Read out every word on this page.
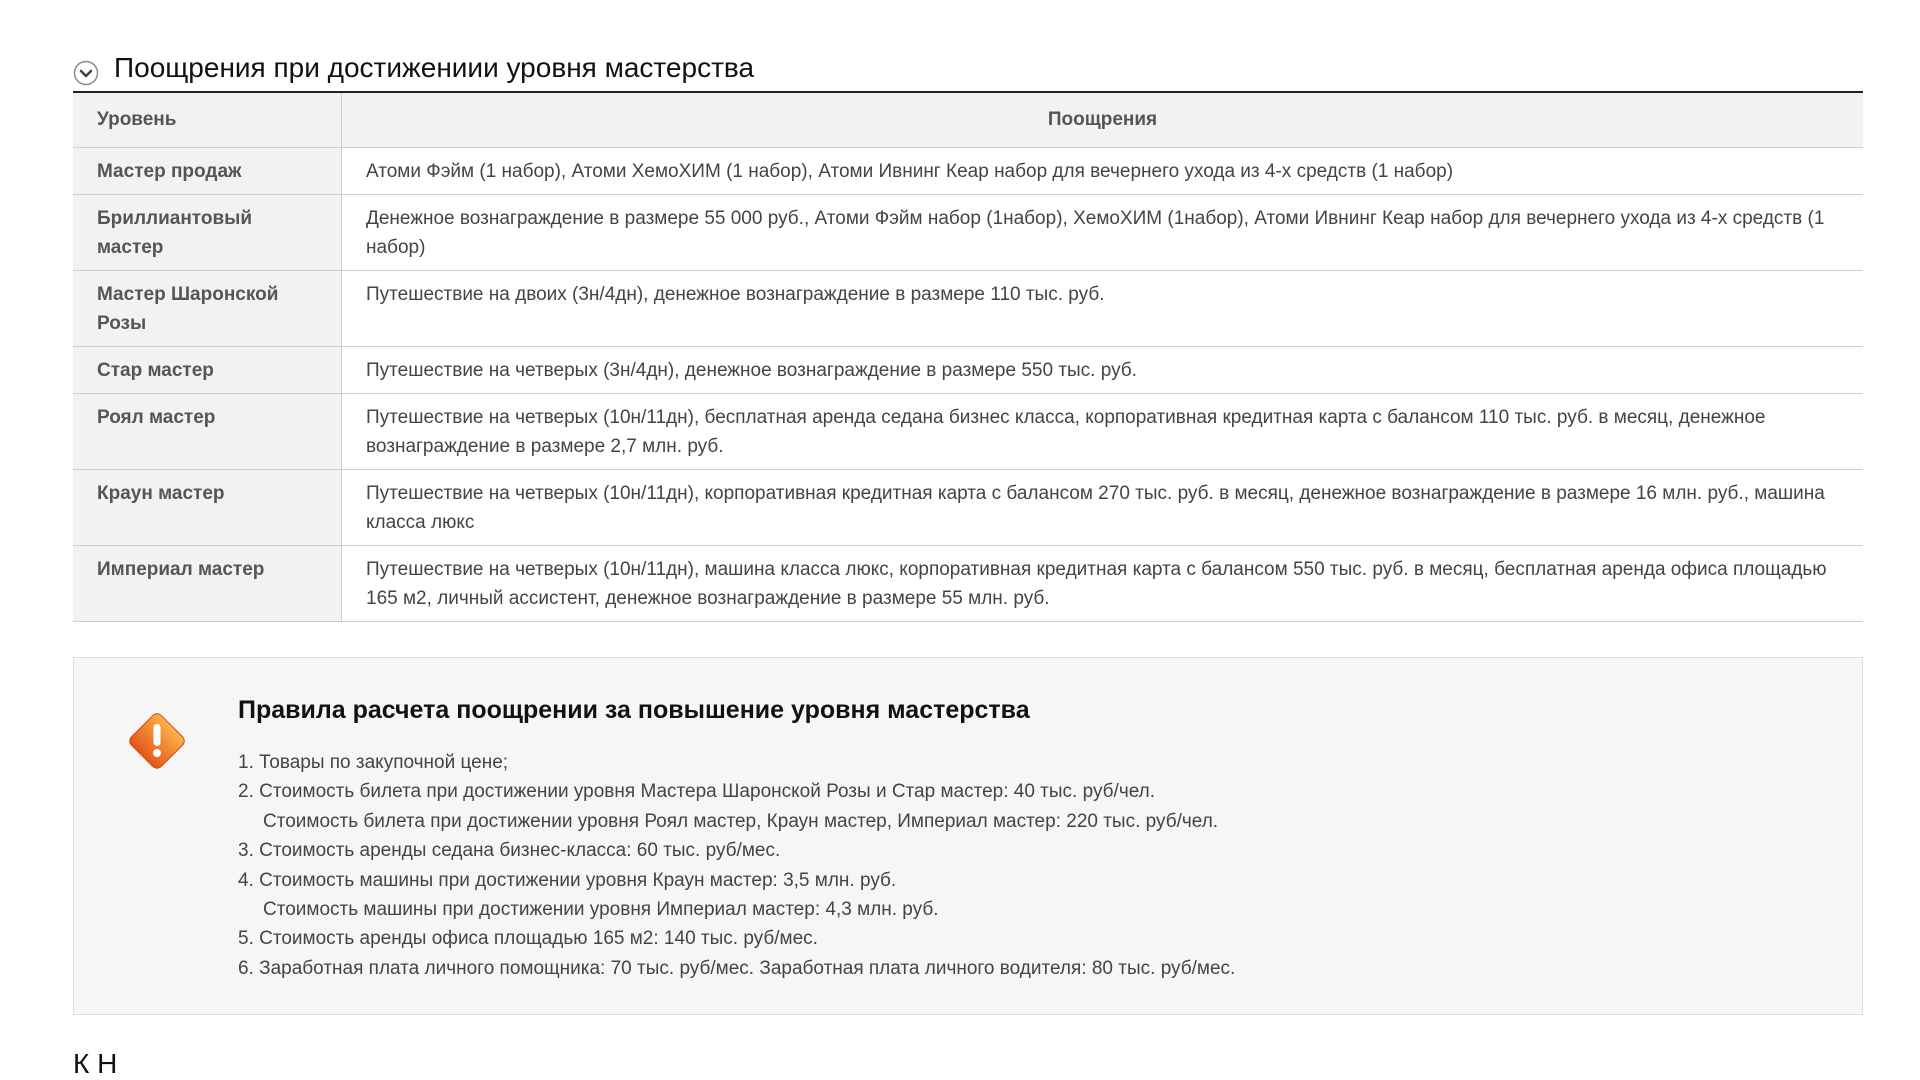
Поощрения при достижениии уровня мастерства
Уровень	Поощрения
Мастер продаж	Атоми Фэйм (1 набор), Атоми ХемоХИМ (1 набор), Атоми Ивнинг Кеар набор для вечернего ухода из 4-х средств (1 набор)
Бриллиантовый мастер	Денежное вознаграждение в размере 55 000 руб., Атоми Фэйм набор (1набор), ХемоХИМ (1набор), Атоми Ивнинг Кеар набор для вечернего ухода из 4-х средств (1 набор)
Мастер Шаронской Розы	Путешествие на двоих (3н/4дн), денежное вознаграждение в размере 110 тыс. руб.
Стар мастер	Путешествие на четверых (3н/4дн), денежное вознаграждение в размере 550 тыс. руб.
Роял мастер	Путешествие на четверых (10н/11дн), бесплатная аренда седана бизнес класса, корпоративная кредитная карта с балансом 110 тыс. руб. в месяц, денежное вознаграждение в размере 2,7 млн. руб.
Краун мастер	Путешествие на четверых (10н/11дн), корпоративная кредитная карта с балансом 270 тыс. руб. в месяц, денежное вознаграждение в размере 16 млн. руб., машина класса люкс
Империал мастер	Путешествие на четверых (10н/11дн), машина класса люкс, корпоративная кредитная карта с балансом 550 тыс. руб. в месяц, бесплатная аренда офиса площадью 165 м2, личный ассистент, денежное вознаграждение в размере 55 млн. руб.
Правила расчета поощрении за повышение уровня мастерства
1. Товары по закупочной цене;
2. Стоимость билета при достижении уровня Мастера Шаронской Розы и Стар мастер: 40 тыс. руб/чел.
Стоимость билета при достижении уровня Роял мастер, Краун мастер, Империал мастер: 220 тыс. руб/чел.
3. Стоимость аренды седана бизнес-класса: 60 тыс. руб/мес.
4. Стоимость машины при достижении уровня Краун мастер: 3,5 млн. руб.
Стоимость машины при достижении уровня Империал мастер: 4,3 млн. руб.
5. Стоимость аренды офиса площадью 165 м2: 140 тыс. руб/мес.
6. Заработная плата личного помощника: 70 тыс. руб/мес. Заработная плата личного водителя: 80 тыс. руб/мес.
К Н
